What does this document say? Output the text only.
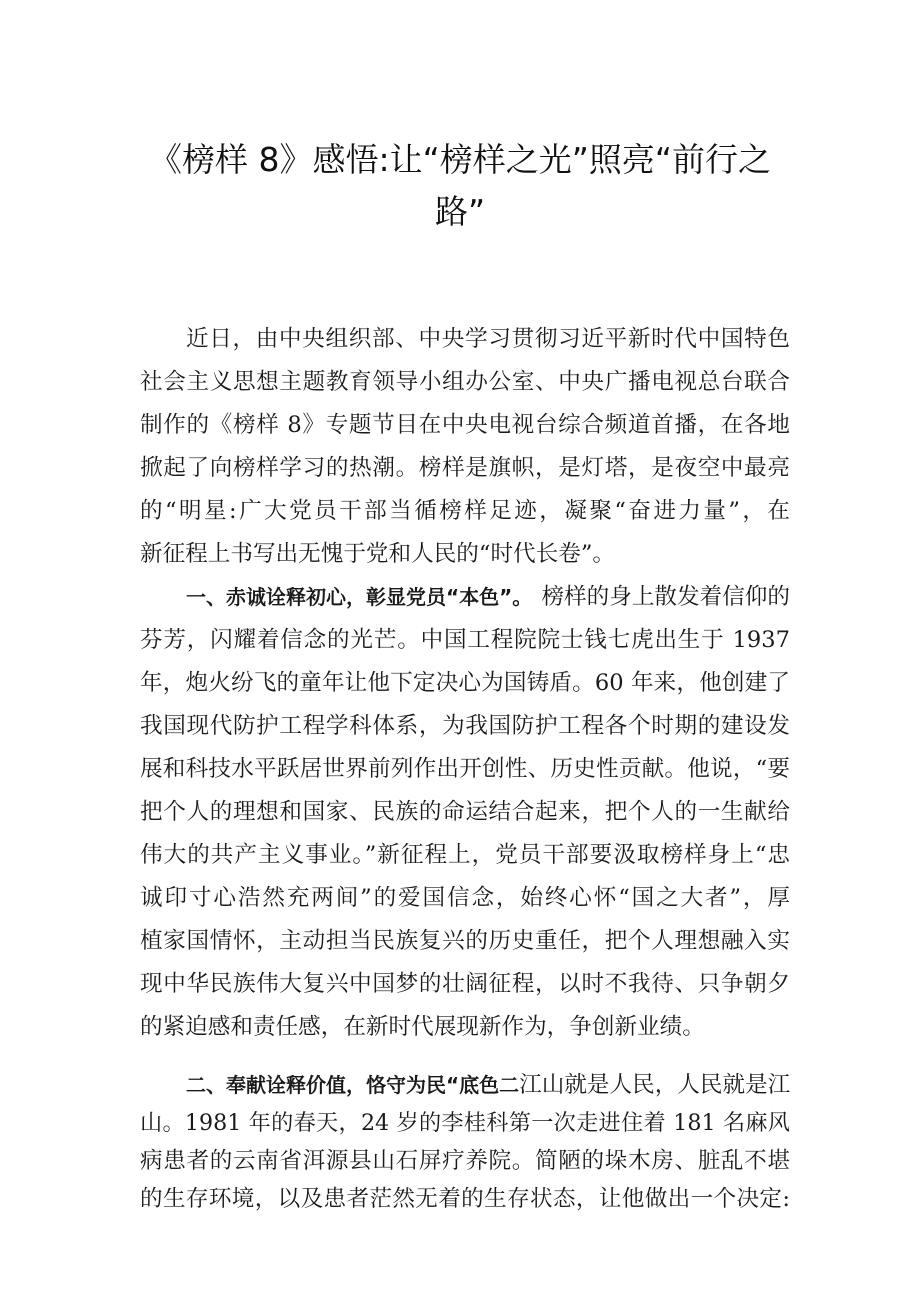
《榜样 8》感悟:让“榜样之光”照亮“前行之
路”
近日，由中央组织部、中央学习贯彻习近平新时代中国特色
社会主义思想主题教育领导小组办公室、中央广播电视总台联合
制作的《榜样 8》专题节目在中央电视台综合频道首播，在各地
掀起了向榜样学习的热潮。榜样是旗帜，是灯塔，是夜空中最亮
的“明星:广大党员干部当循榜样足迹，凝聚“奋进力量”，在
新征程上书写出无愧于党和人民的“时代长卷”。
一、赤诚诠释初心，彰显党员“本色”。 榜样的身上散发着信仰的
芬芳，闪耀着信念的光芒。中国工程院院士钱七虎出生于 1937
年，炮火纷飞的童年让他下定决心为国铸盾。60 年来，他创建了
我国现代防护工程学科体系，为我国防护工程各个时期的建设发
展和科技水平跃居世界前列作出开创性、历史性贡献。他说，“要
把个人的理想和国家、民族的命运结合起来，把个人的一生献给
伟大的共产主义事业。”新征程上，党员干部要汲取榜样身上“忠
诚印寸心浩然充两间”的爱国信念，始终心怀“国之大者”，厚
植家国情怀，主动担当民族复兴的历史重任，把个人理想融入实
现中华民族伟大复兴中国梦的壮阔征程，以时不我待、只争朝夕
的紧迫感和责任感，在新时代展现新作为，争创新业绩。
二、奉献诠释价值，恪守为民“底色二 江山就是人民，人民就是江
山。1981 年的春天，24 岁的李桂科第一次走进住着 181 名麻风
病患者的云南省洱源县山石屏疗养院。简陋的垛木房、脏乱不堪
的生存环境，以及患者茫然无着的生存状态，让他做出一个决定:
